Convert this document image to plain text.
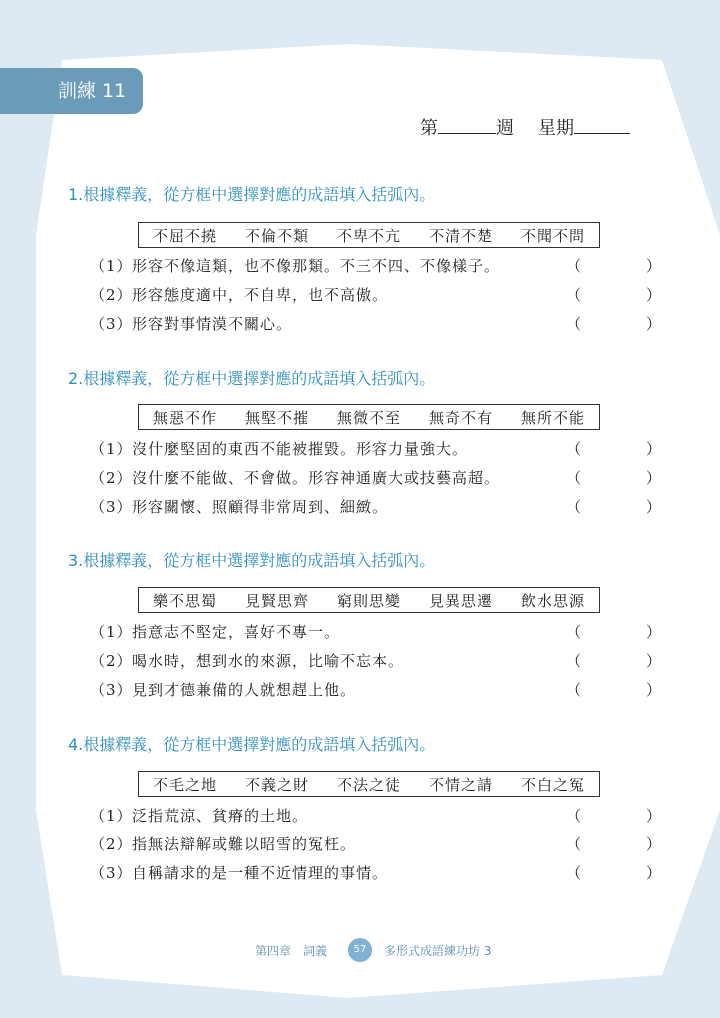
訓練 11
第	週 星期
1.根據釋義，從方框中選擇對應的成語填入括弧內。
不屈不撓 不倫不類 不卑不亢 不清不楚 不聞不問
（1） 形容不像這類，也不像那類。不三不四、不像樣子。	（	）
（2） 形容態度適中，不自卑，也不高傲。	（	）
（3） 形容對事情漠不關心。	（	）
2.根據釋義，從方框中選擇對應的成語填入括弧內。
無惡不作 無堅不摧 無微不至 無奇不有 無所不能
（1） 沒什麼堅固的東西不能被摧毀。形容力量強大。	（	）
（2） 沒什麼不能做、不會做。形容神通廣大或技藝高超。	（	）
（3） 形容關懷、照顧得非常周到、細緻。	（	）
3.根據釋義，從方框中選擇對應的成語填入括弧內。
樂不思蜀 見賢思齊 窮則思變 見異思遷 飲水思源
（1） 指意志不堅定，喜好不專一。	（	）
（2） 喝水時，想到水的來源，比喻不忘本。	（	）
（3） 見到才德兼備的人就想趕上他。	（	）
4.根據釋義，從方框中選擇對應的成語填入括弧內。
不毛之地 不義之財 不法之徒 不情之請 不白之冤
（1） 泛指荒涼、貧瘠的土地。	（	）
（2） 指無法辯解或難以昭雪的冤枉。	（	）
（3） 自稱請求的是一種不近情理的事情。	（	）
第四章　詞義	57	多形式成語練功坊 3
